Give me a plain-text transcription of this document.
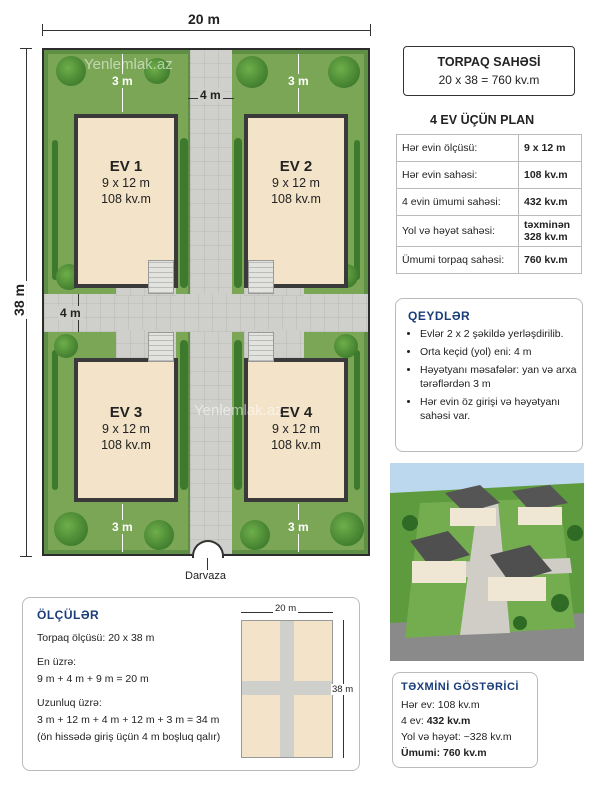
20 m
38 m
EV 1
9 x 12 m
108 kv.m
EV 2
9 x 12 m
108 kv.m
EV 3
9 x 12 m
108 kv.m
EV 4
9 x 12 m
108 kv.m
3 m	3 m
3 m	3 m
4 m
4 m
Yenlemlak.az
Yenlemlak.az
Darvaza
TORPAQ SAHƏSİ
20 x 38 = 760 kv.m
4 EV ÜÇÜN PLAN
Hər evin ölçüsü:	9 x 12 m
Hər evin sahəsi:	108 kv.m
4 evin ümumi sahəsi:	432 kv.m
Yol və həyət sahəsi:	təxminən 328 kv.m
Ümumi torpaq sahəsi:	760 kv.m
QEYDLƏR
• Evlər 2 x 2 şəkildə yerləşdirilib.
• Orta keçid (yol) eni: 4 m
• Həyətyanı məsafələr: yan və arxa tərəflərdən 3 m
• Hər evin öz girişi və həyətyanı sahəsi var.
ÖLÇÜLƏR
Torpaq ölçüsü: 20 x 38 m
En üzrə:
9 m + 4 m + 9 m = 20 m
Uzunluq üzrə:
3 m + 12 m + 4 m + 12 m + 3 m = 34 m
(ön hissədə giriş üçün 4 m boşluq qalır)
20 m
38 m	TƏXMİNİ GÖSTƏRİCİ
Hər ev: 108 kv.m
4 ev: 432 kv.m
Yol və həyət: ~328 kv.m
Ümumi: 760 kv.m
